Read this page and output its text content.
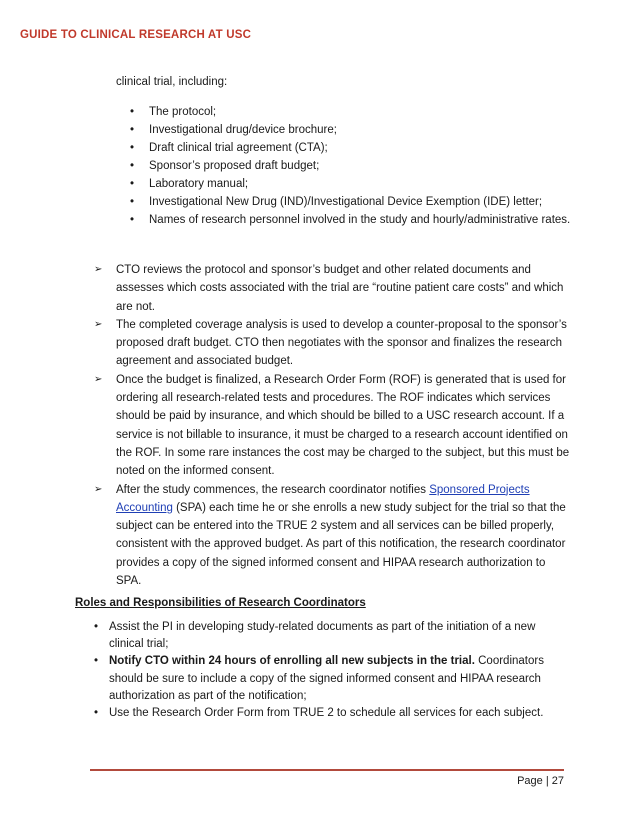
GUIDE TO CLINICAL RESEARCH AT USC
clinical trial, including:
• The protocol;
• Investigational drug/device brochure;
• Draft clinical trial agreement (CTA);
• Sponsor’s proposed draft budget;
• Laboratory manual;
• Investigational New Drug (IND)/Investigational Device Exemption (IDE) letter;
• Names of research personnel involved in the study and hourly/administrative rates.
➢ CTO reviews the protocol and sponsor’s budget and other related documents and assesses which costs associated with the trial are “routine patient care costs” and which are not.
➢ The completed coverage analysis is used to develop a counter-proposal to the sponsor’s proposed draft budget. CTO then negotiates with the sponsor and finalizes the research agreement and associated budget.
➢ Once the budget is finalized, a Research Order Form (ROF) is generated that is used for ordering all research-related tests and procedures. The ROF indicates which services should be paid by insurance, and which should be billed to a USC research account. If a service is not billable to insurance, it must be charged to a research account identified on the ROF. In some rare instances the cost may be charged to the subject, but this must be noted on the informed consent.
➢ After the study commences, the research coordinator notifies Sponsored Projects Accounting (SPA) each time he or she enrolls a new study subject for the trial so that the subject can be entered into the TRUE 2 system and all services can be billed properly, consistent with the approved budget. As part of this notification, the research coordinator provides a copy of the signed informed consent and HIPAA research authorization to SPA.
Roles and Responsibilities of Research Coordinators
• Assist the PI in developing study-related documents as part of the initiation of a new clinical trial;
• Notify CTO within 24 hours of enrolling all new subjects in the trial. Coordinators should be sure to include a copy of the signed informed consent and HIPAA research authorization as part of the notification;
• Use the Research Order Form from TRUE 2 to schedule all services for each subject.
Page | 27
